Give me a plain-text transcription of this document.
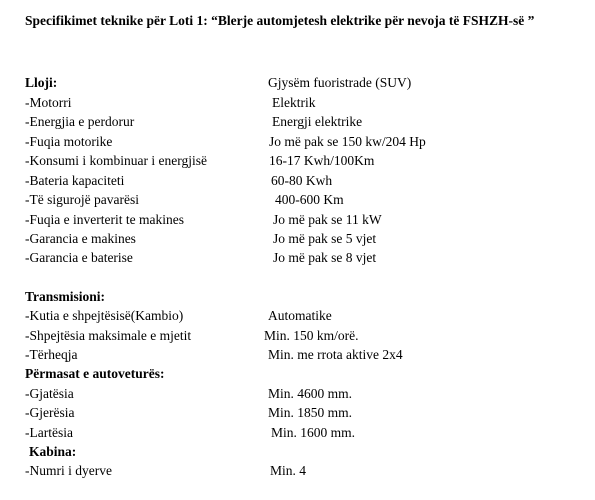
Specifikimet teknike për Loti 1: “Blerje automjetesh elektrike për nevoja të FSHZH-së ”
Lloji:	Gjysëm fuoristrade (SUV)
-Motorri	Elektrik
-Energjia e perdorur	Energji elektrike
-Fuqia motorike	Jo më pak se 150 kw/204 Hp
-Konsumi i kombinuar i energjisë	16-17 Kwh/100Km
-Bateria kapaciteti	60-80 Kwh
-Të sigurojë pavarësi	400-600 Km
-Fuqia e inverterit te makines	Jo më pak se 11 kW
-Garancia e makines	Jo më pak se 5 vjet
-Garancia e baterise	Jo më pak se 8 vjet
Transmisioni:
-Kutia e shpejtësisë(Kambio)	Automatike
-Shpejtësia maksimale e mjetit	Min. 150 km/orë.
-Tërheqja	Min. me rrota aktive 2x4
Përmasat e autoveturës:
-Gjatësia	Min. 4600 mm.
-Gjerësia	Min. 1850 mm.
-Lartësia	Min. 1600 mm.
Kabina:
-Numri i dyerve	Min. 4
